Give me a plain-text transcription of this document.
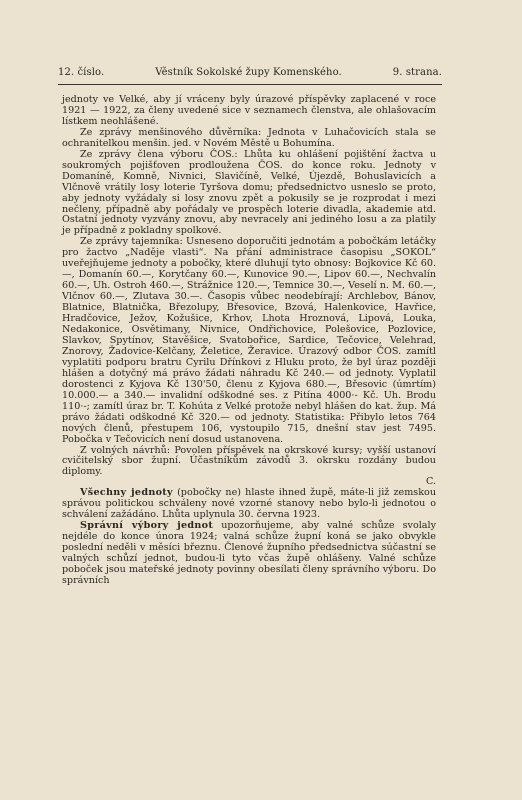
12. číslo.	Věstník Sokolské župy Komenského.	9. strana.

jednoty ve Velké, aby jí vráceny byly úrazové příspěvky zaplacené v roce 1921 — 1922, za členy uvedené sice v seznamech členstva, ale ohlašovacím lístkem neohlášené.

Ze zprávy menšinového důvěrníka: Jednota v Luhačovicích stala se ochranitelkou menšin. jed. v Novém Městě u Bohumína.

Ze zprávy člena výboru ČOS.: Lhůta ku ohlášení pojištění žactva u soukromých pojišťoven prodloužena ČOS. do konce roku. Jednoty v Domaníně, Komně, Nivnici, Slavičíně, Velké, Újezdě, Bohuslavicích a Vlčnově vrátily losy loterie Tyršova domu; předsednictvo usneslo se proto, aby jednoty vyžádaly si losy znovu zpět a pokusily se je rozprodat i mezi nečleny, případně aby pořádaly ve prospěch loterie divadla, akademie atd. Ostatní jednoty vyzvány znovu, aby nevracely ani jediného losu a za platily je případně z pokladny spolkové.

Ze zprávy tajemníka: Usneseno doporučiti jednotám a pobočkám letáčky pro žactvo „Naděje vlasti“. Na přání administrace časopisu „SOKOL“ uveřejňujeme jednoty a pobočky, které dluhují tyto obnosy: Bojkovice Kč 60.—, Domanín 60.—, Korytčany 60.—, Kunovice 90.—, Lipov 60.—, Nechvalín 60.—, Uh. Ostroh 460.—, Strážnice 120.—, Temnice 30.—, Veselí n. M. 60.—, Vlčnov 60.—, Zlutava 30.—. Časopis vůbec neodebírají: Archlebov, Bánov, Blatnice, Blatnička, Březolupy, Břesovice, Bzová, Halenkovice, Havřice, Hradčovice, Ježov, Kožušice, Krhov, Lhota Hroznová, Lipová, Louka, Nedakonice, Osvětimany, Nivnice, Ondřichovice, Polešovice, Pozlovice, Slavkov, Spytínov, Stavěšice, Svatobořice, Sardice, Tečovice, Velehrad, Znorovy, Žadovice-Kelčany, Želetice, Žeravice. Úrazový odbor ČOS. zamítl vyplatiti podporu bratru Cyrilu Dřínkovi z Hluku proto, že byl úraz později hlášen a dotyčný má právo žádati náhradu Kč 240.— od jednoty. Vyplatil dorostenci z Kyjova Kč 130'50, členu z Kyjova 680.—, Břesovic (úmrtím) 10.000.— a 340.— invalidní odškodné ses. z Pitína 4000·- Kč. Uh. Brodu 110·-; zamítl úraz br. T. Kohúta z Velké protože nebyl hlášen do kat. žup. Má právo žádati odškodné Kč 320.— od jednoty. Statistika: Přibylo letos 764 nových členů, přestupem 106, vystoupilo 715, dnešní stav jest 7495. Pobočka v Tečovicích není dosud ustanovena.

Z volných návrhů: Povolen příspěvek na okrskové kursy; vyšší ustanoví cvičitelský sbor župní. Účastníkům závodů 3. okrsku rozdány budou diplomy.

C.

Všechny jednoty (pobočky ne) hlaste ihned župě, máte-li již zemskou správou politickou schváleny nové vzorné stanovy nebo bylo-li jednotou o schválení zažádáno. Lhůta uplynula 30. června 1923.

Správní výbory jednot upozorňujeme, aby valné schůze svolaly nejdéle do konce února 1924; valná schůze župní koná se jako obvykle poslední neděli v měsíci březnu. Členové župního předsednictva súčastní se valných schůzí jednot, budou-li tyto včas župě ohlášeny. Valné schůze poboček jsou mateřské jednoty povinny obesílati členy správního výboru. Do správních
